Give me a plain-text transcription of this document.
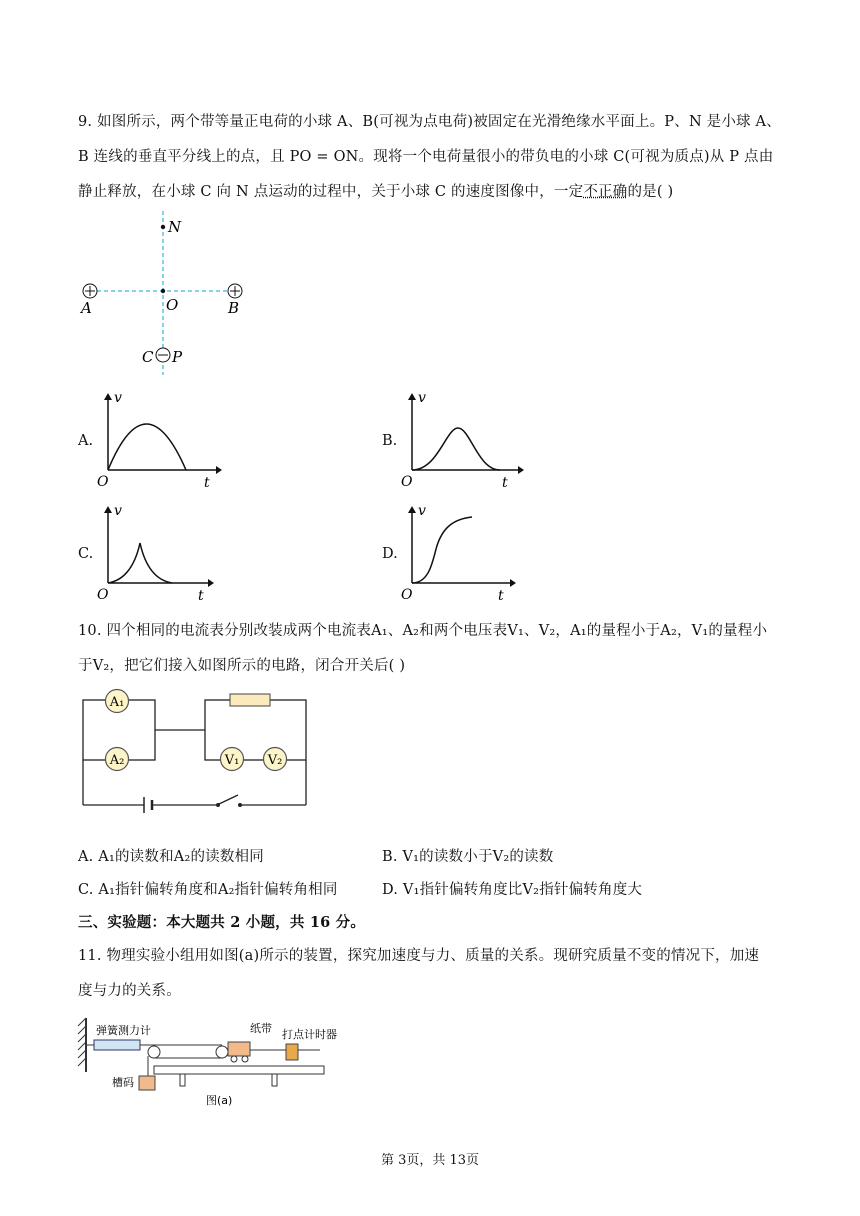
9. 如图所示，两个带等量正电荷的小球 A、B(可视为点电荷)被固定在光滑绝缘水平面上。P、N 是小球 A、
B 连线的垂直平分线上的点，且 PO = ON。现将一个电荷量很小的带负电的小球 C(可视为质点)从 P 点由
静止释放，在小球 C 向 N 点运动的过程中，关于小球 C 的速度图像中，一定不正确的是( )
N
O
A	B
C P
A.
v
O	t
B.
v
O	t
C.
v
O	t
D.
v
O	t
10. 四个相同的电流表分别改装成两个电流表A₁、A₂和两个电压表V₁、V₂，A₁的量程小于A₂，V₁的量程小
于V₂，把它们接入如图所示的电路，闭合开关后( )
A₁
A₂	V₁ V₂
A. A₁的读数和A₂的读数相同	B. V₁的读数小于V₂的读数
C. A₁指针偏转角度和A₂指针偏转角相同	D. V₁指针偏转角度比V₂指针偏转角度大
三、实验题：本大题共 2 小题，共 16 分。
11. 物理实验小组用如图(a)所示的装置，探究加速度与力、质量的关系。现研究质量不变的情况下，加速
度与力的关系。
弹簧测力计	纸带 打点计时器
槽码
图(a)
第 3页，共 13页
